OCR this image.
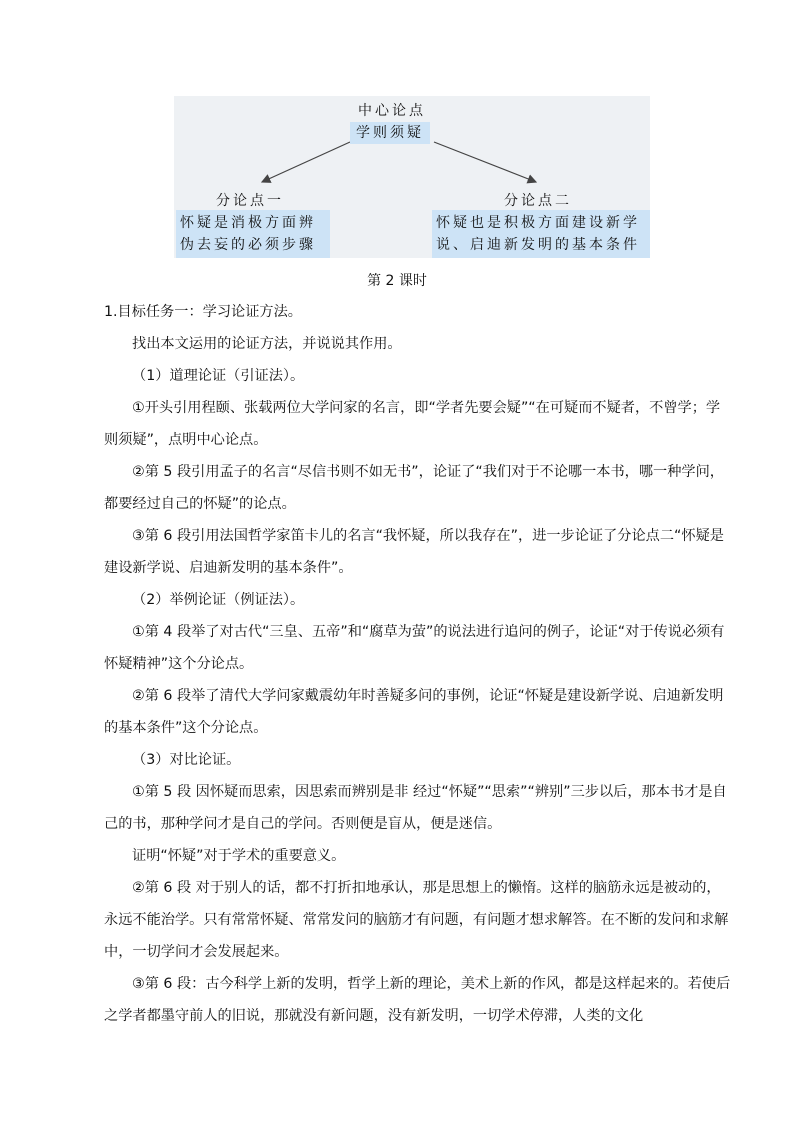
中心论点
学则须疑
分论点一
怀疑是消极方面辨伪去妄的必须步骤
分论点二
怀疑也是积极方面建设新学说、启迪新发明的基本条件
第 2 课时

1.目标任务一：学习论证方法。

找出本文运用的论证方法，并说说其作用。

（1）道理论证（引证法）。

①开头引用程颐、张载两位大学问家的名言，即“学者先要会疑”“在可疑而不疑者，不曾学；学则须疑”，点明中心论点。

②第 5 段引用孟子的名言“尽信书则不如无书”，论证了“我们对于不论哪一本书，哪一种学问，都要经过自己的怀疑”的论点。

③第 6 段引用法国哲学家笛卡儿的名言“我怀疑，所以我存在”，进一步论证了分论点二“怀疑是建设新学说、启迪新发明的基本条件”。

（2）举例论证（例证法）。

①第 4 段举了对古代“三皇、五帝”和“腐草为萤”的说法进行追问的例子，论证“对于传说必须有怀疑精神”这个分论点。

②第 6 段举了清代大学问家戴震幼年时善疑多问的事例，论证“怀疑是建设新学说、启迪新发明的基本条件”这个分论点。

（3）对比论证。

①第 5 段 因怀疑而思索，因思索而辨别是非 经过“怀疑”“思索”“辨别”三步以后，那本书才是自己的书，那种学问才是自己的学问。否则便是盲从，便是迷信。

证明“怀疑”对于学术的重要意义。

②第 6 段 对于别人的话，都不打折扣地承认，那是思想上的懒惰。这样的脑筋永远是被动的，永远不能治学。只有常常怀疑、常常发问的脑筋才有问题，有问题才想求解答。在不断的发问和求解中，一切学问才会发展起来。

③第 6 段：古今科学上新的发明，哲学上新的理论，美术上新的作风，都是这样起来的。若使后之学者都墨守前人的旧说，那就没有新问题，没有新发明，一切学术停滞，人类的文化
